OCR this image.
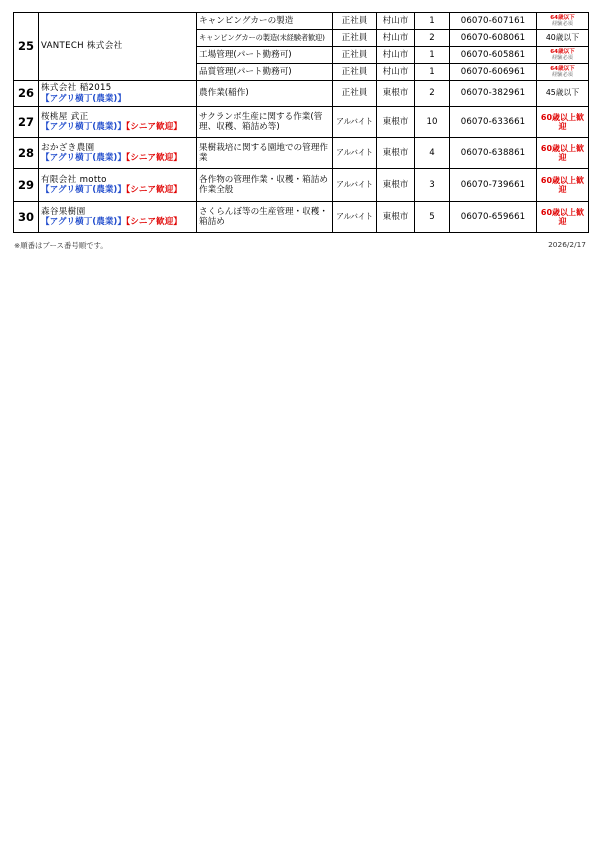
25	VANTECH 株式会社	キャンピングカーの製造	正社員	村山市	1	06070-607161	64歳以下
経験必須

		キャンピングカーの製造(未経験者歓迎)	正社員	村山市	2	06070-608061	40歳以下
		工場管理(パート勤務可)	正社員	村山市	1	06070-605861	64歳以下
経験必須

		品質管理(パート勤務可)	正社員	村山市	1	06070-606961	64歳以下
経験必須

26	株式会社 稲2015
【アグリ横丁(農業)】	農作業(稲作)	正社員	東根市	2	06070-382961	45歳以下
27	桜桃屋 武正
【アグリ横丁(農業)】【シニア歓迎】	サクランボ生産に関する作業(管理、収穫、箱詰め等)	アルバイト	東根市	10	06070-633661	60歳以上歓迎

28	おかざき農園
【アグリ横丁(農業)】【シニア歓迎】	果樹栽培に関する園地での管理作業	アルバイト	東根市	4	06070-638861	60歳以上歓迎

29	有限会社 motto
【アグリ横丁(農業)】【シニア歓迎】	各作物の管理作業・収穫・箱詰め作業全般	アルバイト	東根市	3	06070-739661	60歳以上歓迎

30	森谷果樹園
【アグリ横丁(農業)】【シニア歓迎】	さくらんぼ等の生産管理・収穫・箱詰め	アルバイト	東根市	5	06070-659661	60歳以上歓迎
※順番はブース番号順です。	2026/2/17
